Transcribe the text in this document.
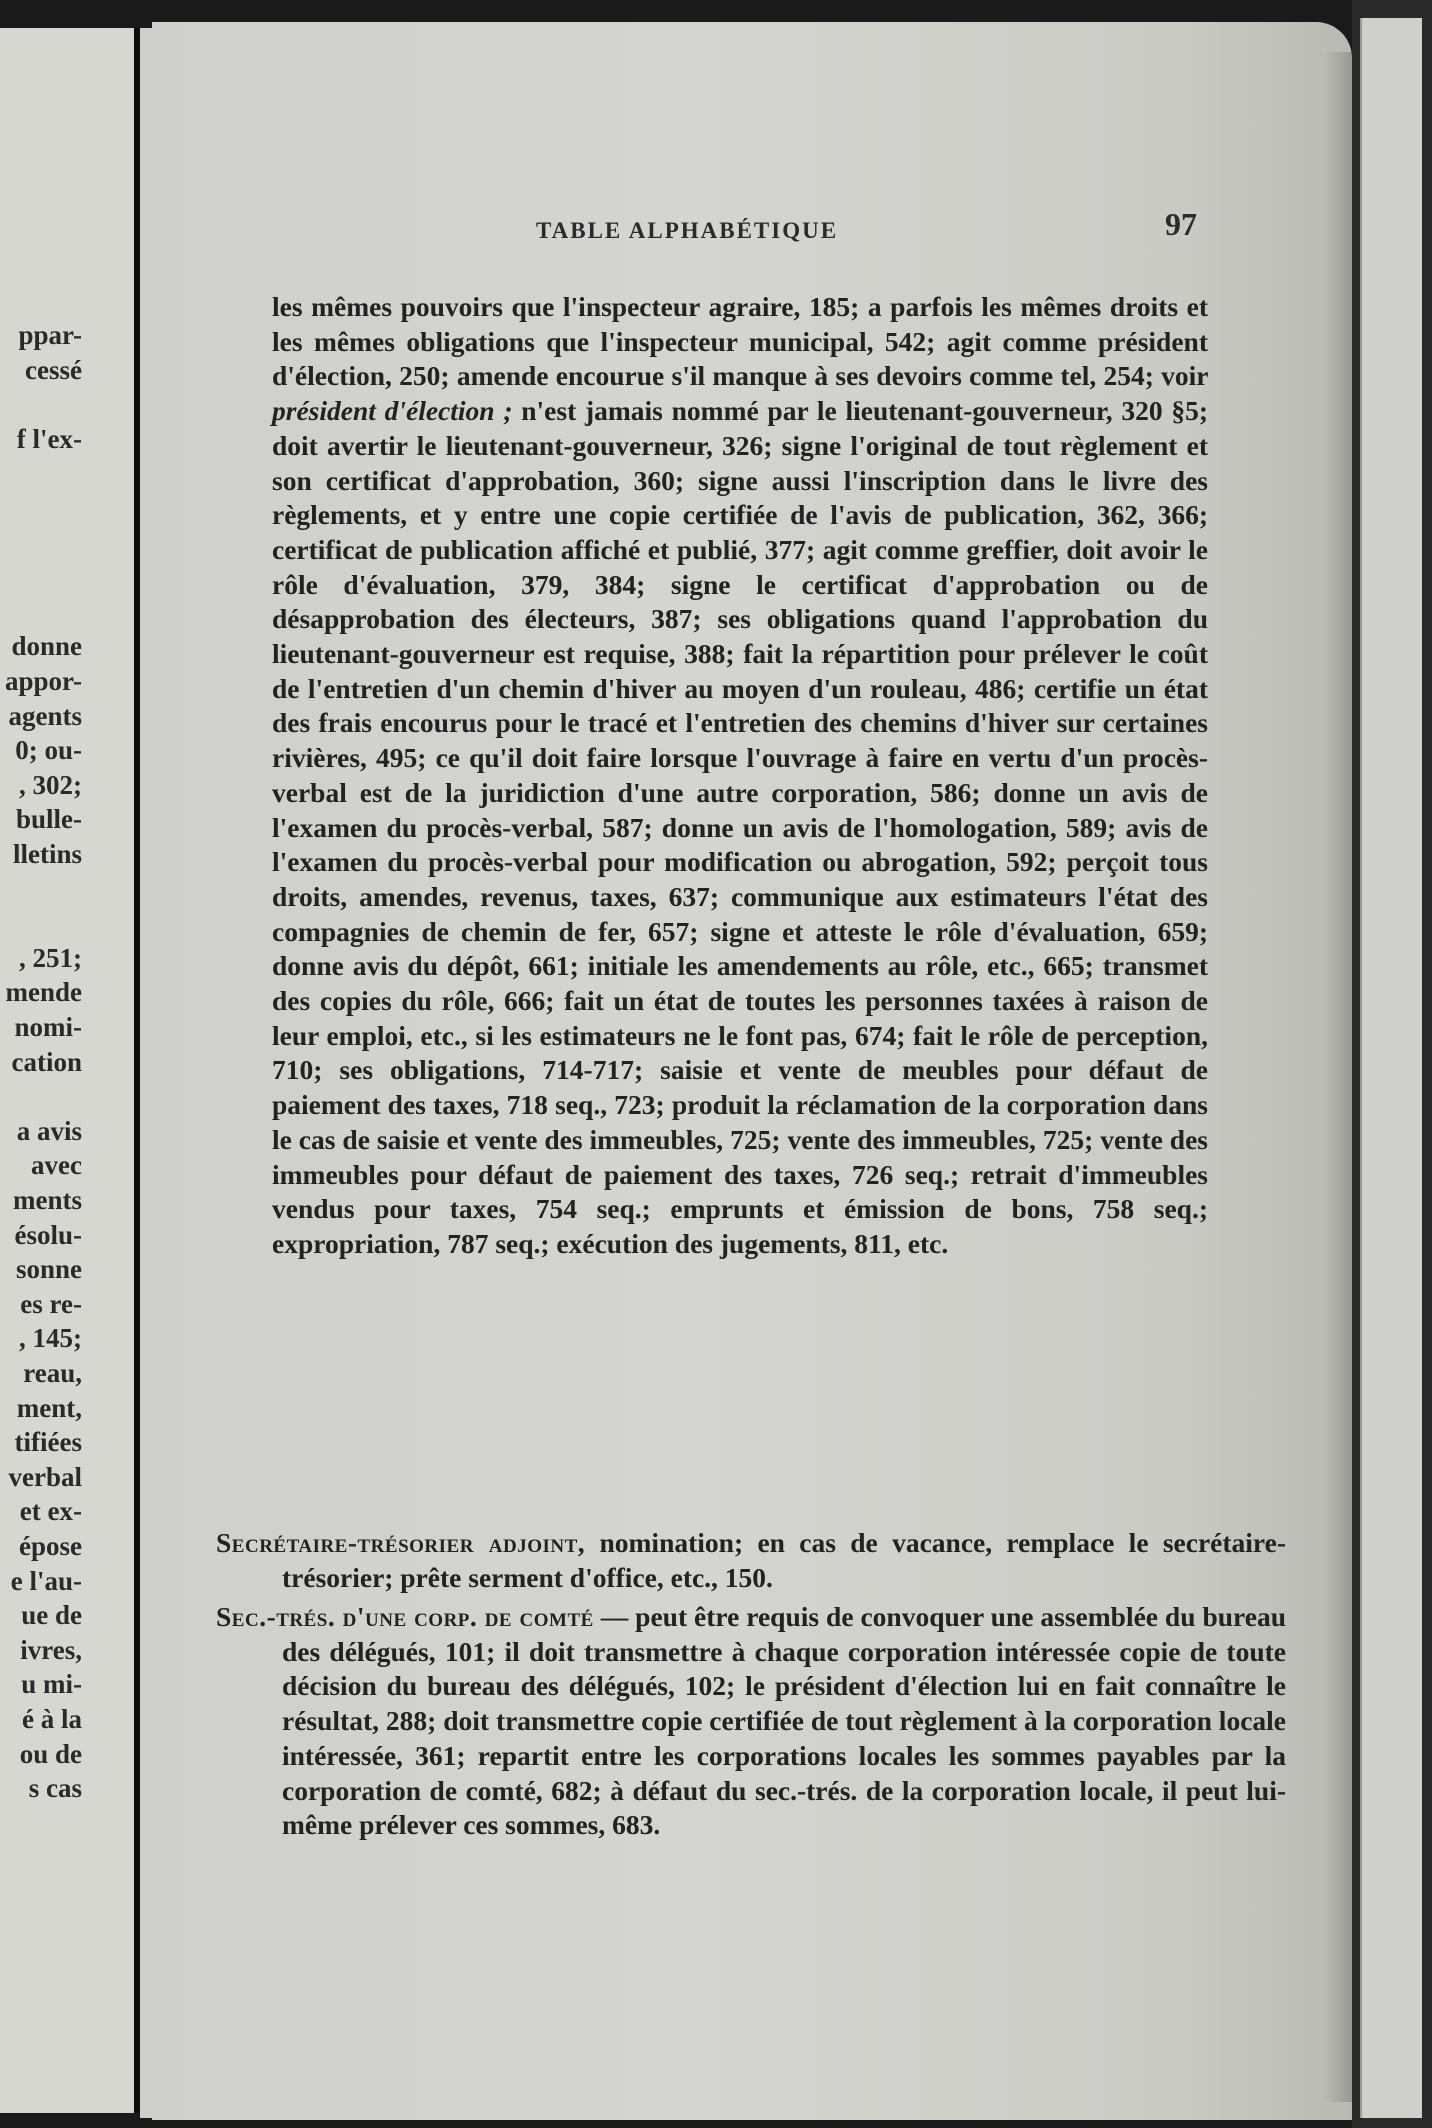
ppar-
cessé
f l'ex-
donne
appor-
agents
0; ou-
, 302;
bulle-
lletins
, 251;
mende
nomi-
cation
a avis
avec
ments
ésolu-
sonne
es re-
, 145;
reau,
ment,
tifiées
verbal
et ex-
épose
e l'au-
ue de
ivres,
u mi-
é à la
ou de
s cas
TABLE ALPHABÉTIQUE	97
les mêmes pouvoirs que l'inspecteur agraire, 185; a parfois les mêmes droits et les mêmes obligations que l'inspecteur municipal, 542; agit comme président d'élection, 250; amende encourue s'il manque à ses devoirs comme tel, 254; voir président d'élection ; n'est jamais nommé par le lieutenant-gouverneur, 320 §5; doit avertir le lieutenant-gouverneur, 326; signe l'original de tout règlement et son certificat d'approbation, 360; signe aussi l'inscription dans le livre des règlements, et y entre une copie certifiée de l'avis de publication, 362, 366; certificat de publication affiché et publié, 377; agit comme greffier, doit avoir le rôle d'évaluation, 379, 384; signe le certificat d'approbation ou de désapprobation des électeurs, 387; ses obligations quand l'approbation du lieutenant-gouverneur est requise, 388; fait la répartition pour prélever le coût de l'entretien d'un chemin d'hiver au moyen d'un rouleau, 486; certifie un état des frais encourus pour le tracé et l'entretien des chemins d'hiver sur certaines rivières, 495; ce qu'il doit faire lorsque l'ouvrage à faire en vertu d'un procès-verbal est de la juridiction d'une autre corporation, 586; donne un avis de l'examen du procès-verbal, 587; donne un avis de l'homologation, 589; avis de l'examen du procès-verbal pour modification ou abrogation, 592; perçoit tous droits, amendes, revenus, taxes, 637; communique aux estimateurs l'état des compagnies de chemin de fer, 657; signe et atteste le rôle d'évaluation, 659; donne avis du dépôt, 661; initiale les amendements au rôle, etc., 665; transmet des copies du rôle, 666; fait un état de toutes les personnes taxées à raison de leur emploi, etc., si les estimateurs ne le font pas, 674; fait le rôle de perception, 710; ses obligations, 714-717; saisie et vente de meubles pour défaut de paiement des taxes, 718 seq., 723; produit la réclamation de la corporation dans le cas de saisie et vente des immeubles, 725; vente des immeubles, 725; vente des immeubles pour défaut de paiement des taxes, 726 seq.; retrait d'immeubles vendus pour taxes, 754 seq.; emprunts et émission de bons, 758 seq.; expropriation, 787 seq.; exécution des jugements, 811, etc.
Secrétaire-trésorier adjoint, nomination; en cas de vacance, remplace le secrétaire-trésorier; prête serment d'office, etc., 150.
Sec.-trés. d'une corp. de comté — peut être requis de convoquer une assemblée du bureau des délégués, 101; il doit transmettre à chaque corporation intéressée copie de toute décision du bureau des délégués, 102; le président d'élection lui en fait connaître le résultat, 288; doit transmettre copie certifiée de tout règlement à la corporation locale intéressée, 361; repartit entre les corporations locales les sommes payables par la corporation de comté, 682; à défaut du sec.-trés. de la corporation locale, il peut lui-même prélever ces sommes, 683.
